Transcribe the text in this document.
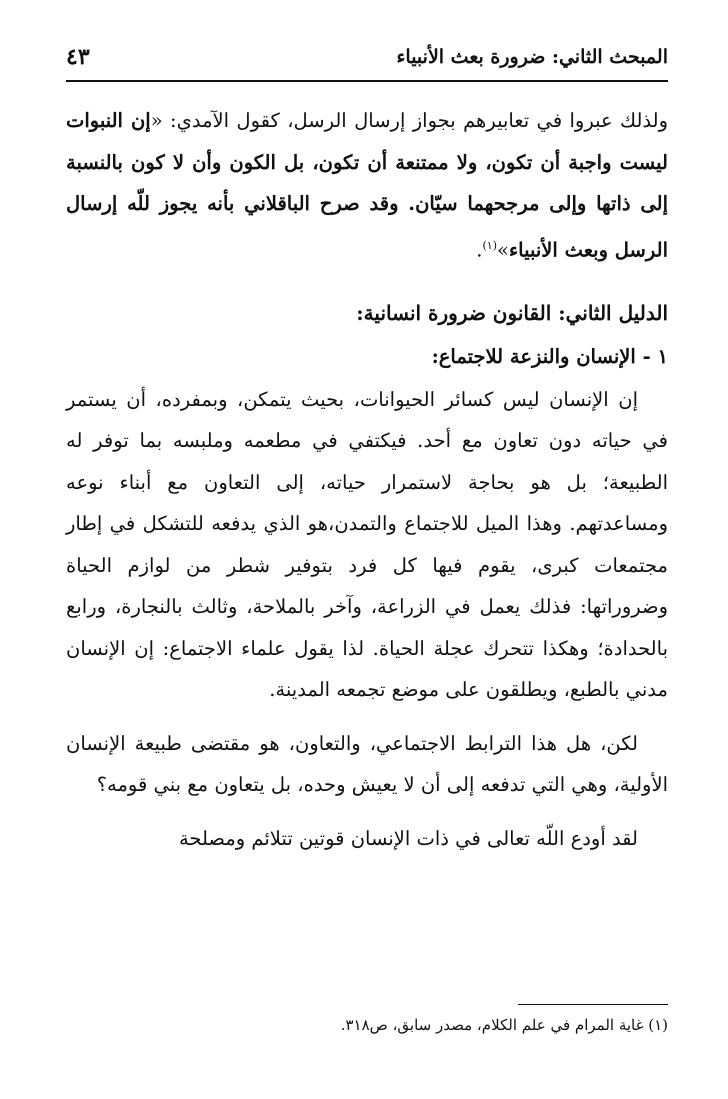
المبحث الثاني: ضرورة بعث الأنبياء
٤٣

ولذلك عبروا في تعابيرهم بجواز إرسال الرسل، كقول الآمدي: «إن النبوات ليست واجبة أن تكون، ولا ممتنعة أن تكون، بل الكون وأن لا كون بالنسبة إلى ذاتها وإلى مرجحهما سيّان. وقد صرح الباقلاني بأنه يجوز للّه إرسال الرسل وبعث الأنبياء»$^{(١)}$.

الدليل الثاني: القانون ضرورة انسانية:
١ - الإنسان والنزعة للاجتماع:

إن الإنسان ليس كسائر الحيوانات، بحيث يتمكن، وبمفرده، أن يستمر في حياته دون تعاون مع أحد. فيكتفي في مطعمه وملبسه بما توفر له الطبيعة؛ بل هو بحاجة لاستمرار حياته، إلى التعاون مع أبناء نوعه ومساعدتهم. وهذا الميل للاجتماع والتمدن،هو الذي يدفعه للتشكل في إطار مجتمعات كبرى، يقوم فيها كل فرد بتوفير شطر من لوازم الحياة وضروراتها: فذلك يعمل في الزراعة، وآخر بالملاحة، وثالث بالنجارة، ورابع بالحدادة؛ وهكذا تتحرك عجلة الحياة. لذا يقول علماء الاجتماع: إن الإنسان مدني بالطبع، ويطلقون على موضع تجمعه المدينة.

لكن، هل هذا الترابط الاجتماعي، والتعاون، هو مقتضى طبيعة الإنسان الأولية، وهي التي تدفعه إلى أن لا يعيش وحده، بل يتعاون مع بني قومه؟

لقد أودع اللّه تعالى في ذات الإنسان قوتين تتلائم ومصلحة

(١) غاية المرام في علم الكلام، مصدر سابق، ص٣١٨.
